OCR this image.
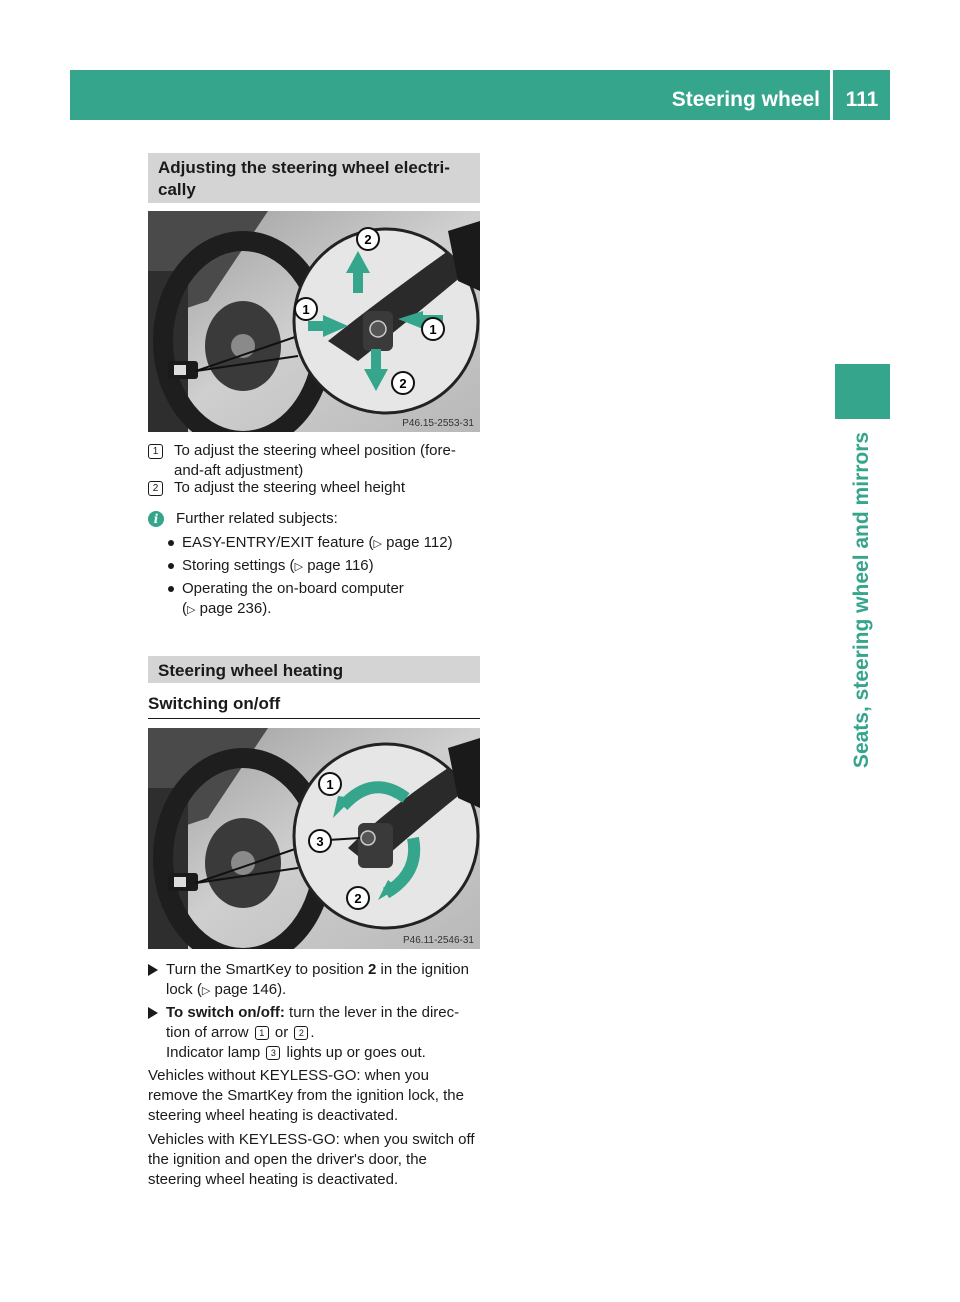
Steering wheel	111
Seats, steering wheel and mirrors
Adjusting the steering wheel electri-
cally
2
1
1
2
P46.15-2553-31
1	To adjust the steering wheel position (fore-
and-aft adjustment)
2	To adjust the steering wheel height
i	Further related subjects:
EASY-ENTRY/EXIT feature (▷ page 112)
Storing settings (▷ page 116)
Operating the on-board computer
(▷ page 236).
Steering wheel heating
Switching on/off
1
3
2
P46.11-2546-31
Turn the SmartKey to position 2 in the ignition
lock (▷ page 146).
To switch on/off: turn the lever in the direc-
tion of arrow 1 or 2 .
Indicator lamp 3 lights up or goes out.
Vehicles without KEYLESS-GO: when you
remove the SmartKey from the ignition lock, the
steering wheel heating is deactivated.
Vehicles with KEYLESS-GO: when you switch off
the ignition and open the driver's door, the
steering wheel heating is deactivated.
